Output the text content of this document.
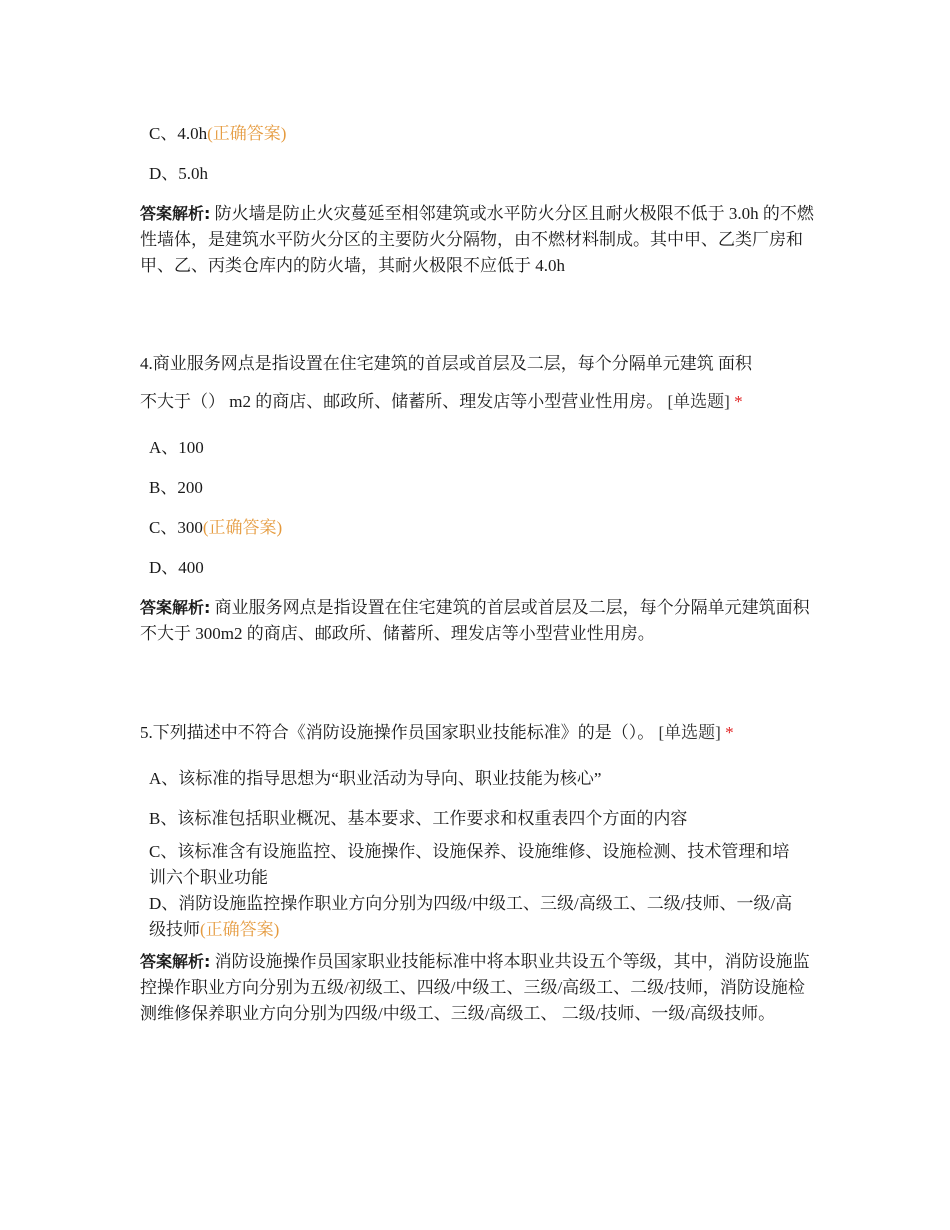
C、4.0h(正确答案)
D、5.0h
答案解析: 防火墙是防止火灾蔓延至相邻建筑或水平防火分区且耐火极限不低于 3.0h 的不燃性墙体，是建筑水平防火分区的主要防火分隔物，由不燃材料制成。其中甲、乙类厂房和甲、乙、丙类仓库内的防火墙，其耐火极限不应低于 4.0h
4.商业服务网点是指设置在住宅建筑的首层或首层及二层，每个分隔单元建筑 面积
不大于（） m2 的商店、邮政所、储蓄所、理发店等小型营业性用房。 [单选题] *
A、100
B、200
C、300(正确答案)
D、400
答案解析: 商业服务网点是指设置在住宅建筑的首层或首层及二层，每个分隔单元建筑面积不大于 300m2 的商店、邮政所、储蓄所、理发店等小型营业性用房。
5.下列描述中不符合《消防设施操作员国家职业技能标准》的是（）。 [单选题] *
A、该标准的指导思想为“职业活动为导向、职业技能为核心”
B、该标准包括职业概况、基本要求、工作要求和权重表四个方面的内容
C、该标准含有设施监控、设施操作、设施保养、设施维修、设施检测、技术管理和培训六个职业功能
D、消防设施监控操作职业方向分别为四级/中级工、三级/高级工、二级/技师、一级/高级技师(正确答案)
答案解析: 消防设施操作员国家职业技能标准中将本职业共设五个等级，其中，消防设施监控操作职业方向分别为五级/初级工、四级/中级工、三级/高级工、二级/技师，消防设施检测维修保养职业方向分别为四级/中级工、三级/高级工、 二级/技师、一级/高级技师。
